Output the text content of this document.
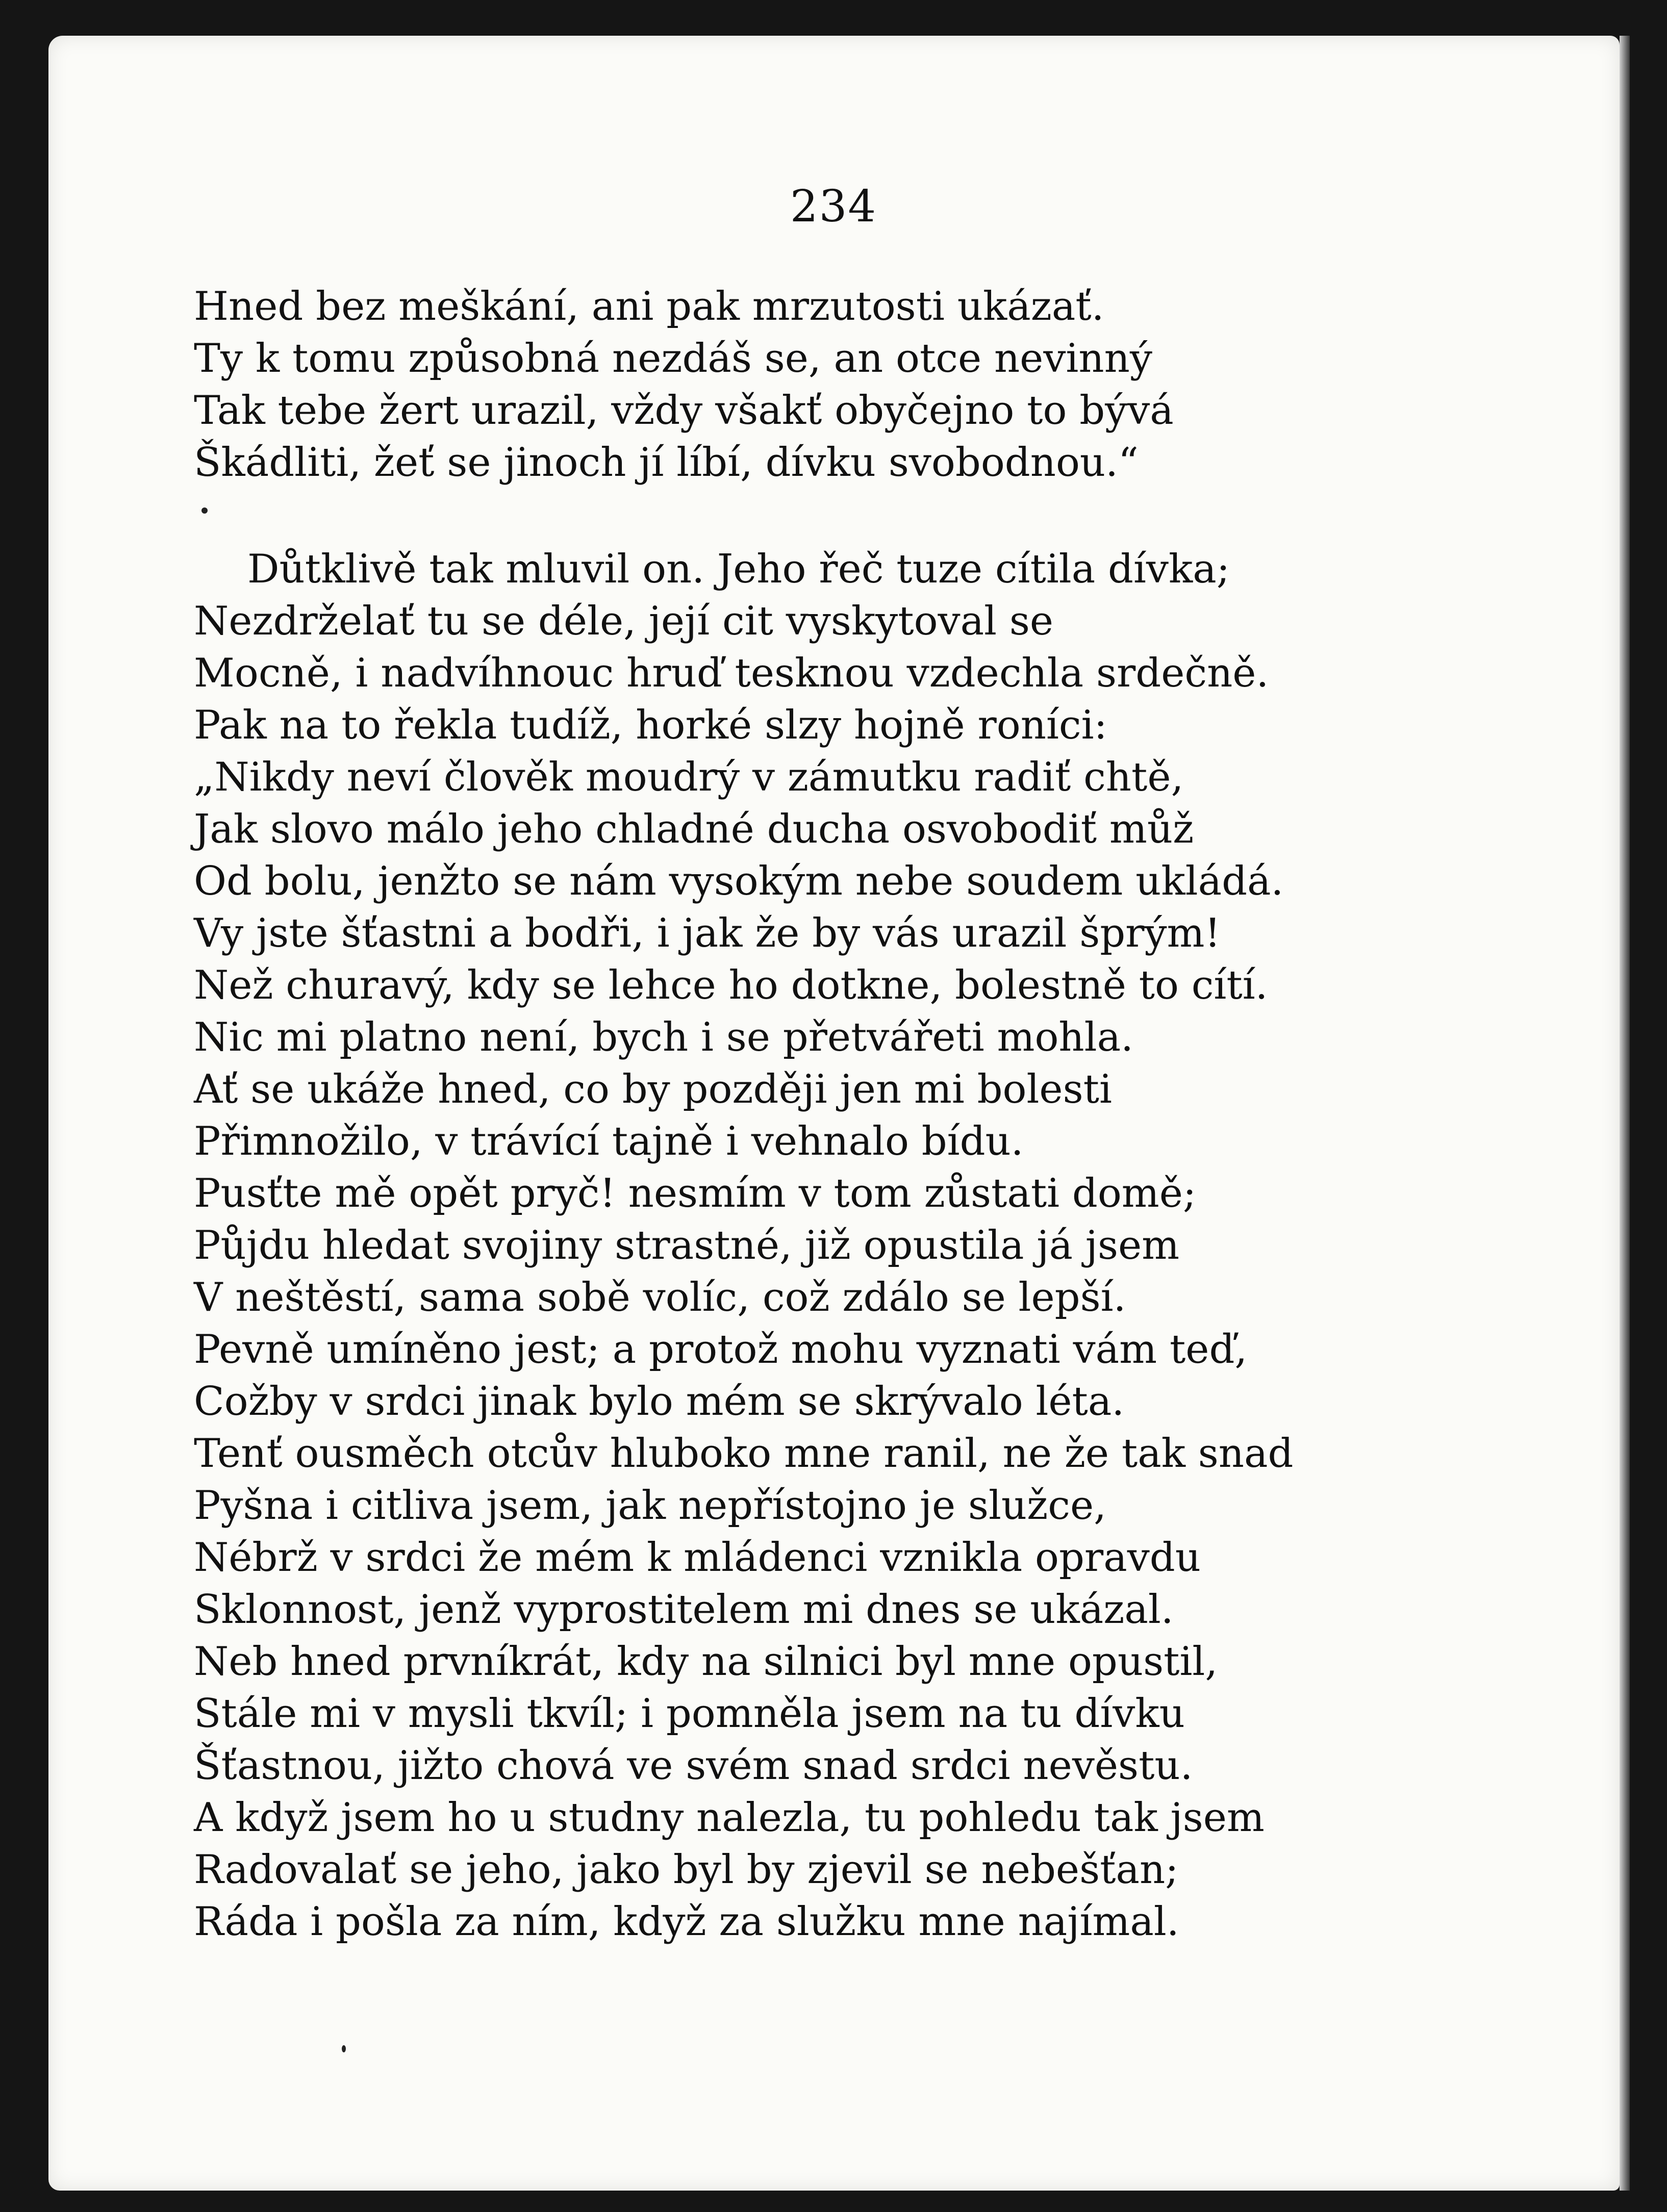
234
Hned bez meškání, ani pak mrzutosti ukázať.
Ty k tomu způsobná nezdáš se, an otce nevinný
Tak tebe žert urazil, vždy všakť obyčejno to bývá
Škádliti, žeť se jinoch jí líbí, dívku svobodnou.“
Důtklivě tak mluvil on. Jeho řeč tuze cítila dívka;
Nezdrželať tu se déle, její cit vyskytoval se
Mocně, i nadvíhnouc hruď tesknou vzdechla srdečně.
Pak na to řekla tudíž, horké slzy hojně roníci:
„Nikdy neví člověk moudrý v zámutku radiť chtě,
Jak slovo málo jeho chladné ducha osvobodiť můž
Od bolu, jenžto se nám vysokým nebe soudem ukládá.
Vy jste šťastni a bodři, i jak že by vás urazil šprým!
Než churavý, kdy se lehce ho dotkne, bolestně to cítí.
Nic mi platno není, bych i se přetvářeti mohla.
Ať se ukáže hned, co by později jen mi bolesti
Přimnožilo, v trávící tajně i vehnalo bídu.
Pusťte mě opět pryč! nesmím v tom zůstati domě;
Půjdu hledat svojiny strastné, již opustila já jsem
V neštěstí, sama sobě volíc, což zdálo se lepší.
Pevně umíněno jest; a protož mohu vyznati vám teď,
Cožby v srdci jinak bylo mém se skrývalo léta.
Tenť ousměch otcův hluboko mne ranil, ne že tak snad
Pyšna i citliva jsem, jak nepřístojno je služce,
Nébrž v srdci že mém k mládenci vznikla opravdu
Sklonnost, jenž vyprostitelem mi dnes se ukázal.
Neb hned prvníkrát, kdy na silnici byl mne opustil,
Stále mi v mysli tkvíl; i pomněla jsem na tu dívku
Šťastnou, jižto chová ve svém snad srdci nevěstu.
A když jsem ho u studny nalezla, tu pohledu tak jsem
Radovalať se jeho, jako byl by zjevil se nebešťan;
Ráda i pošla za ním, když za služku mne najímal.
